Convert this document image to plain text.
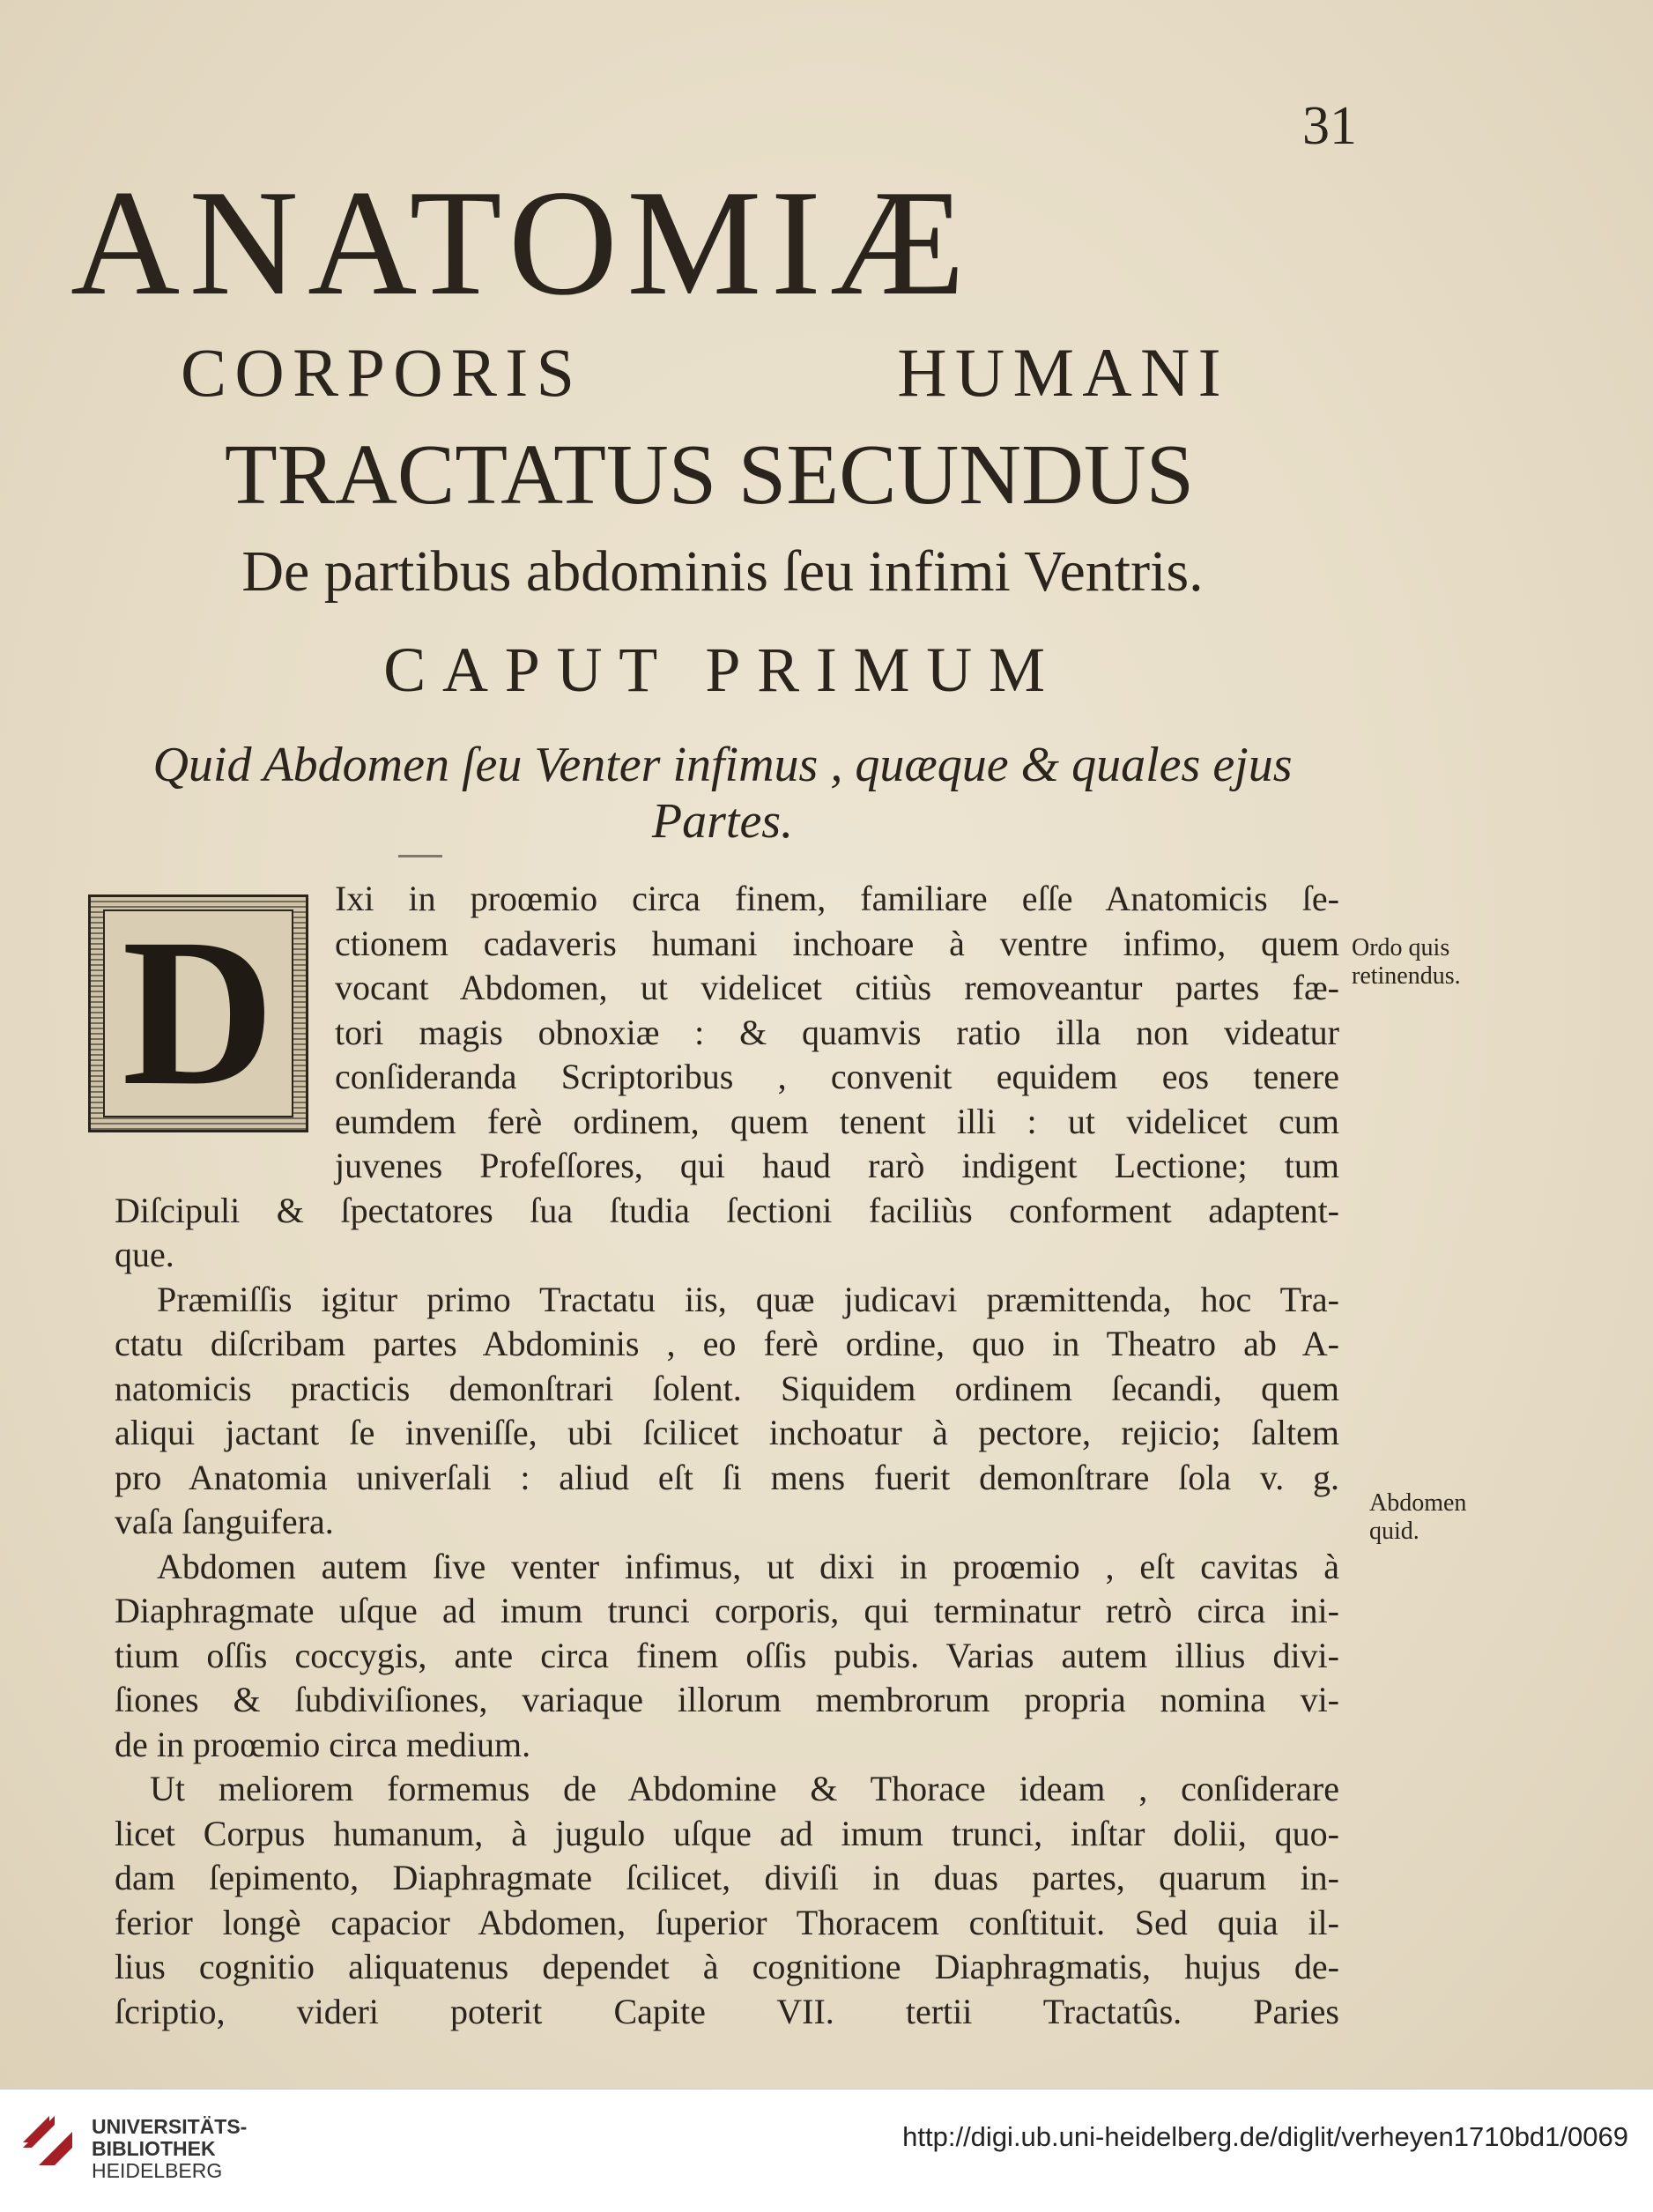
31
ANATOMIÆ
CORPORIS HUMANI
TRACTATUS SECUNDUS
De partibus abdominis ſeu infimi Ventris.
CAPUT PRIMUM
Quid Abdomen ſeu Venter infimus , quæque & quales ejus Partes.
D	Ixi in proœmio circa finem, familiare eſſe Anatomicis ſe-
ctionem cadaveris humani inchoare à ventre infimo, quem
vocant Abdomen, ut videlicet citiùs removeantur partes fæ-
tori magis obnoxiæ : & quamvis ratio illa non videatur
conſideranda Scriptoribus , convenit equidem eos tenere
eumdem ferè ordinem, quem tenent illi : ut videlicet cum
juvenes Profeſſores, qui haud rarò indigent Lectione; tum
Diſcipuli & ſpectatores ſua ſtudia ſectioni faciliùs conforment adaptent-
que.
Præmiſſis igitur primo Tractatu iis, quæ judicavi præmittenda, hoc Tra-
ctatu diſcribam partes Abdominis , eo ferè ordine, quo in Theatro ab A-
natomicis practicis demonſtrari ſolent. Siquidem ordinem ſecandi, quem
aliqui jactant ſe inveniſſe, ubi ſcilicet inchoatur à pectore, rejicio; ſaltem
pro Anatomia univerſali : aliud eſt ſi mens fuerit demonſtrare ſola v. g.
vaſa ſanguifera.
Abdomen autem ſive venter infimus, ut dixi in proœmio , eſt cavitas à
Diaphragmate uſque ad imum trunci corporis, qui terminatur retrò circa ini-
tium oſſis coccygis, ante circa finem oſſis pubis. Varias autem illius divi-
ſiones & ſubdiviſiones, variaque illorum membrorum propria nomina vi-
de in proœmio circa medium.
Ut meliorem formemus de Abdomine & Thorace ideam , conſiderare
licet Corpus humanum, à jugulo uſque ad imum trunci, inſtar dolii, quo-
dam ſepimento, Diaphragmate ſcilicet, diviſi in duas partes, quarum in-
ferior longè capacior Abdomen, ſuperior Thoracem conſtituit. Sed quia il-
lius cognitio aliquatenus dependet à cognitione Diaphragmatis, hujus de-
ſcriptio, videri poterit Capite VII. tertii Tractatûs. Paries
Ordo quis
retinendus.
Abdomen
quid.
UNIVERSITÄTS-
BIBLIOTHEK
HEIDELBERG
http://digi.ub.uni-heidelberg.de/diglit/verheyen1710bd1/0069
